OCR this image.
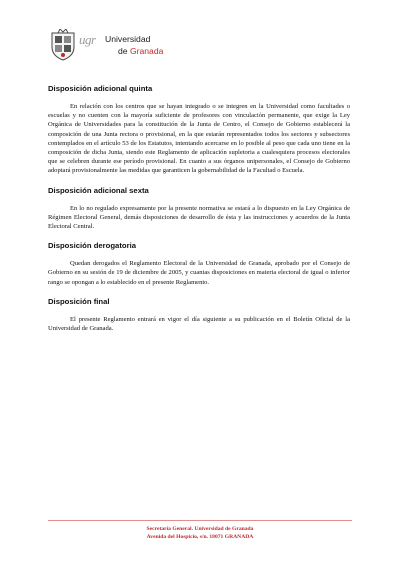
ugr Universidad
de Granada
Disposición adicional quinta

En relación con los centros que se hayan integrado o se integren en la Universidad como facultades o escuelas y no cuenten con la mayoría suficiente de profesores con vinculación permanente, que exige la Ley Orgánica de Universidades para la constitución de la Junta de Centro, el Consejo de Gobierno establecerá la composición de una Junta rectora o provisional, en la que estarán representados todos los sectores y subsectores contemplados en el artículo 53 de los Estatutos, intentando acercarse en lo posible al peso que cada uno tiene en la composición de dicha Junta, siendo este Reglamento de aplicación supletoria a cualesquiera procesos electorales que se celebren durante ese período provisional. En cuanto a sus órganos unipersonales, el Consejo de Gobierno adoptará provisionalmente las medidas que garanticen la gobernabilidad de la Facultad o Escuela.

Disposición adicional sexta

En lo no regulado expresamente por la presente normativa se estará a lo dispuesto en la Ley Orgánica de Régimen Electoral General, demás disposiciones de desarrollo de ésta y las instrucciones y acuerdos de la Junta Electoral Central.

Disposición derogatoria

Quedan derogados el Reglamento Electoral de la Universidad de Granada, aprobado por el Consejo de Gobierno en su sesión de 19 de diciembre de 2005, y cuantas disposiciones en materia electoral de igual o inferior rango se opongan a lo establecido en el presente Reglamento.

Disposición final

El presente Reglamento entrará en vigor el día siguiente a su publicación en el Boletín Oficial de la Universidad de Granada.

Secretaría General. Universidad de Granada
Avenida del Hospicio, s/n. 18071 GRANADA
